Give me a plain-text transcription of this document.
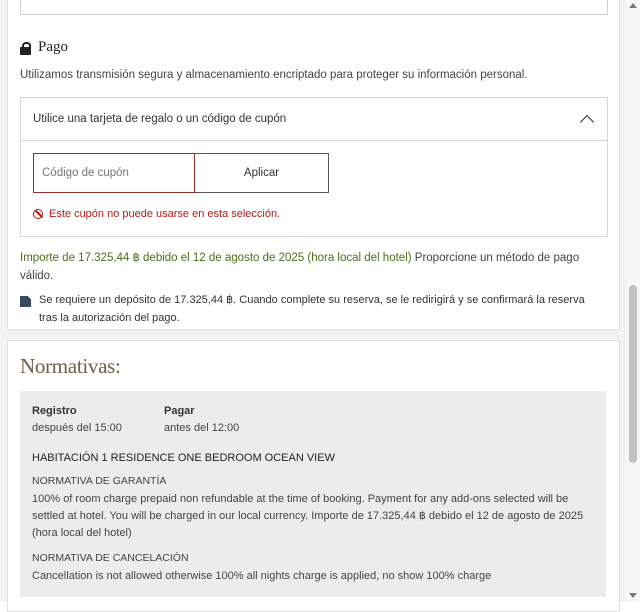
Pago
Utilizamos transmisión segura y almacenamiento encriptado para proteger su información personal.
Utilice una tarjeta de regalo o un código de cupón
Código de cupón
Aplicar
Este cupón no puede usarse en esta selección.
Importe de 17.325,44 ฿ debido el 12 de agosto de 2025 (hora local del hotel) Proporcione un método de pago válido.
Se requiere un depósito de 17.325,44 ฿. Cuando complete su reserva, se le redirigirá y se confirmará la reserva tras la autorización del pago.
Normativas:
Registro
después del 15:00
Pagar
antes del 12:00
HABITACIÓN 1 RESIDENCE ONE BEDROOM OCEAN VIEW
NORMATIVA DE GARANTÍA
100% of room charge prepaid non refundable at the time of booking. Payment for any add-ons selected will be settled at hotel. You will be charged in our local currency. Importe de 17.325,44 ฿ debido el 12 de agosto de 2025 (hora local del hotel)
NORMATIVA DE CANCELACIÓN
Cancellation is not allowed otherwise 100% all nights charge is applied, no show 100% charge
